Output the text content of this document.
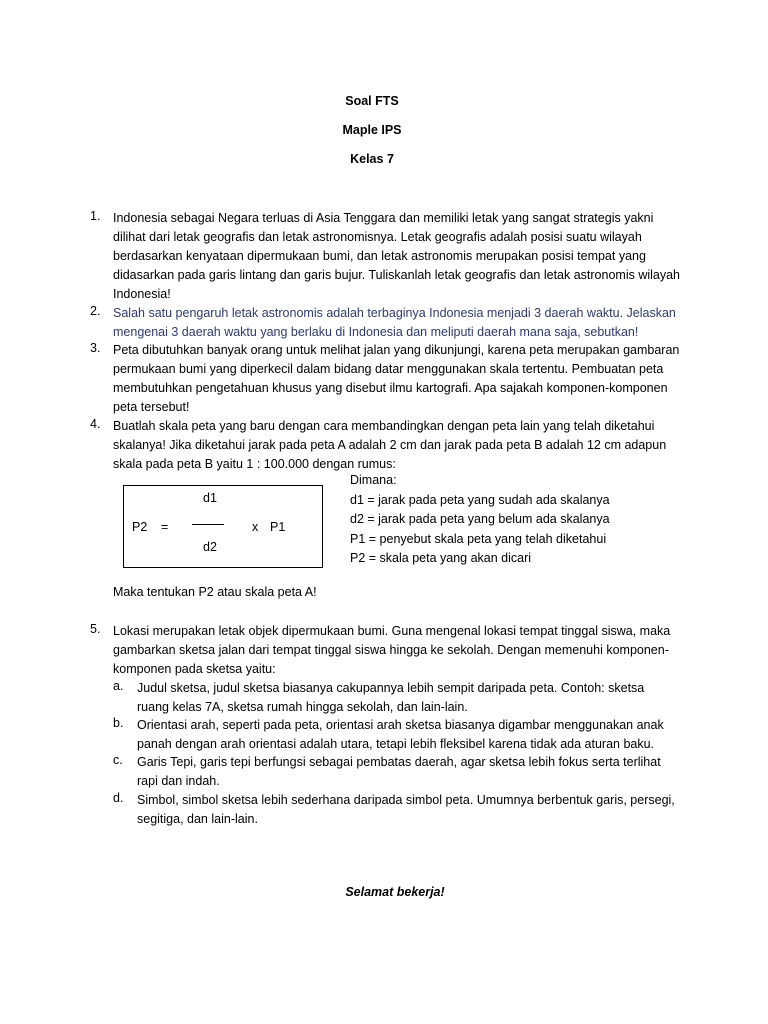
Soal FTS
Maple IPS
Kelas 7
1.	Indonesia sebagai Negara terluas di Asia Tenggara dan memiliki letak yang sangat strategis yakni dilihat dari letak geografis dan letak astronomisnya. Letak geografis adalah posisi suatu wilayah berdasarkan kenyataan dipermukaan bumi, dan letak astronomis merupakan posisi tempat yang didasarkan pada garis lintang dan garis bujur. Tuliskanlah letak geografis dan letak astronomis wilayah Indonesia!
2.	Salah satu pengaruh letak astronomis adalah terbaginya Indonesia menjadi 3 daerah waktu. Jelaskan mengenai 3 daerah waktu yang berlaku di Indonesia dan meliputi daerah mana saja, sebutkan!
3.	Peta dibutuhkan banyak orang untuk melihat jalan yang dikunjungi, karena peta merupakan gambaran permukaan bumi yang diperkecil dalam bidang datar menggunakan skala tertentu. Pembuatan peta membutuhkan pengetahuan khusus yang disebut ilmu kartografi. Apa sajakah komponen-komponen peta tersebut!
4.	Buatlah skala peta yang baru dengan cara membandingkan dengan peta lain yang telah diketahui skalanya! Jika diketahui jarak pada peta A adalah 2 cm dan jarak pada peta B adalah 12 cm adapun skala pada peta B yaitu 1 : 100.000 dengan rumus:
d1
P2 =	x P1
d2
Dimana:
d1 = jarak pada peta yang sudah ada skalanya
d2 = jarak pada peta yang belum ada skalanya
P1 = penyebut skala peta yang telah diketahui
P2 = skala peta yang akan dicari
Maka tentukan P2 atau skala peta A!
5.	Lokasi merupakan letak objek dipermukaan bumi. Guna mengenal lokasi tempat tinggal siswa, maka gambarkan sketsa jalan dari tempat tinggal siswa hingga ke sekolah. Dengan memenuhi komponen-komponen pada sketsa yaitu:
a.	Judul sketsa, judul sketsa biasanya cakupannya lebih sempit daripada peta. Contoh: sketsa ruang kelas 7A, sketsa rumah hingga sekolah, dan lain-lain.
b.	Orientasi arah, seperti pada peta, orientasi arah sketsa biasanya digambar menggunakan anak panah dengan arah orientasi adalah utara, tetapi lebih fleksibel karena tidak ada aturan baku.
c.	Garis Tepi, garis tepi berfungsi sebagai pembatas daerah, agar sketsa lebih fokus serta terlihat rapi dan indah.
d.	Simbol, simbol sketsa lebih sederhana daripada simbol peta. Umumnya berbentuk garis, persegi, segitiga, dan lain-lain.
Selamat bekerja!
